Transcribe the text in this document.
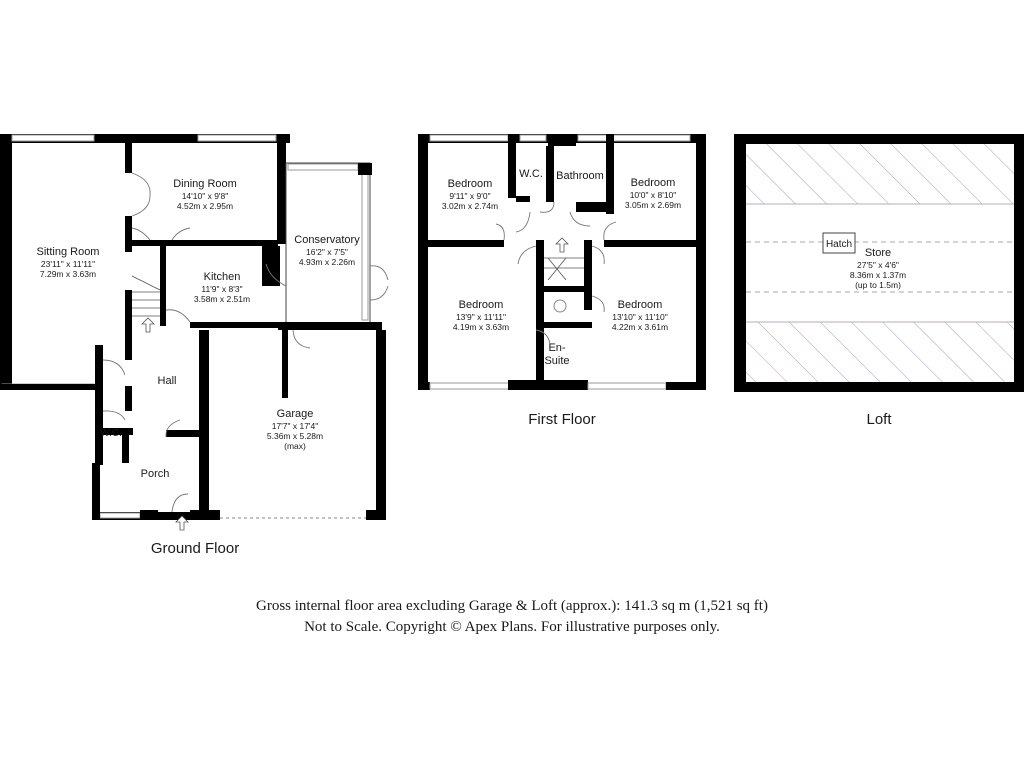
Sitting Room
23'11" x 11'11"
7.29m x 3.63m
Dining Room
14'10" x 9'8"
4.52m x 2.95m
Conservatory
16'2" x 7'5"
4.93m x 2.26m
Kitchen
11'9" x 8'3"
3.58m x 2.51m
Hall
W.C.
Porch
Garage
17'7" x 17'4"
5.36m x 5.28m
(max)
Ground Floor
Bedroom
9'11" x 9'0"
3.02m x 2.74m
W.C. Bathroom
Bedroom
10'0" x 8'10"
3.05m x 2.69m
Bedroom
13'9" x 11'11"
4.19m x 3.63m
Bedroom
13'10" x 11'10"
4.22m x 3.61m
En-
Suite
First Floor
Hatch
Store
27'5" x 4'6"
8.36m x 1.37m
(up to 1.5m)
Loft
Gross internal floor area excluding Garage & Loft (approx.): 141.3 sq m (1,521 sq ft)
Not to Scale. Copyright © Apex Plans. For illustrative purposes only.
